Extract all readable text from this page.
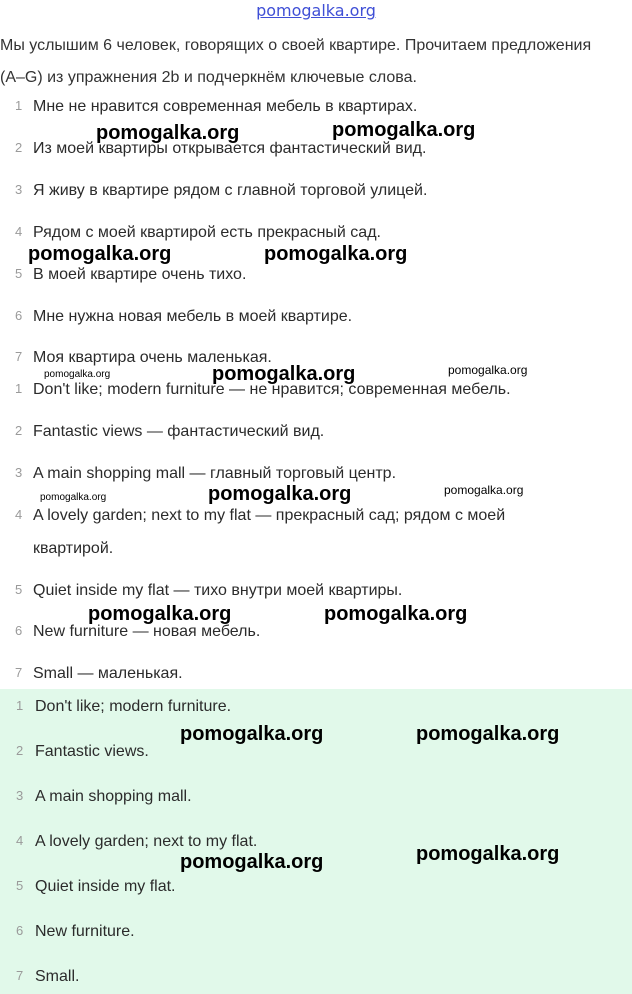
pomogalka.org
Мы услышим 6 человек, говорящих о своей квартире. Прочитаем предложения (A–G) из упражнения 2b и подчеркнём ключевые слова.
1 Мне не нравится современная мебель в квартирах.
2 Из моей квартиры открывается фантастический вид.
3 Я живу в квартире рядом с главной торговой улицей.
4 Рядом с моей квартирой есть прекрасный сад.
5 В моей квартире очень тихо.
6 Мне нужна новая мебель в моей квартире.
7 Моя квартира очень маленькая.
1 Don't like; modern furniture — не нравится; современная мебель.
2 Fantastic views — фантастический вид.
3 A main shopping mall — главный торговый центр.
4 A lovely garden; next to my flat — прекрасный сад; рядом с моей квартирой.
5 Quiet inside my flat — тихо внутри моей квартиры.
6 New furniture — новая мебель.
7 Small — маленькая.
1 Don't like; modern furniture.
2 Fantastic views.
3 A main shopping mall.
4 A lovely garden; next to my flat.
5 Quiet inside my flat.
6 New furniture.
7 Small.
pomogalka.org	pomogalka.org
pomogalka.org	pomogalka.org
pomogalka.org	pomogalka.org	pomogalka.org
pomogalka.org	pomogalka.org	pomogalka.org
pomogalka.org	pomogalka.org
pomogalka.org	pomogalka.org
pomogalka.org	pomogalka.org
